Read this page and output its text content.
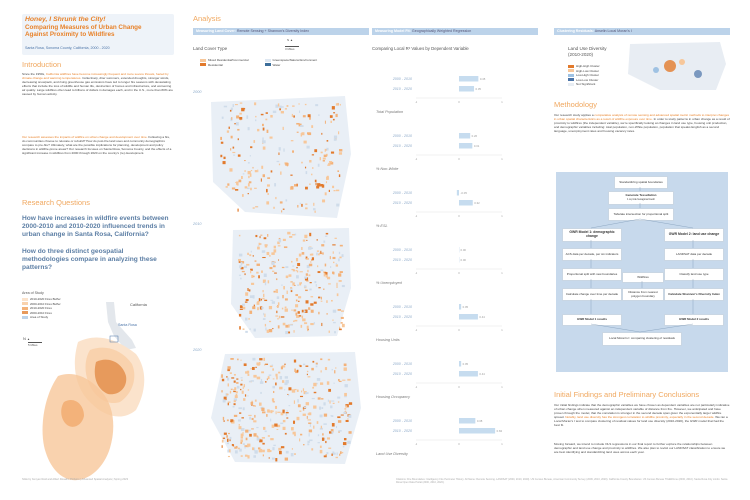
Honey, I Shrunk the City!
Comparing Measures of Urban Change Against Proximity to Wildfires
Santa Rosa, Sonoma County, California, 2000 - 2020
Introduction
Since the 1950s, California wildfires have become increasingly frequent and more severe threats, fueled by climate change and warming temperatures. Collectively, drier summers, extended droughts, stronger winds, decreasing snowpack, and rising greenhouse gas emissions have led to longer fire seasons with devastating effects that include the loss of wildlife and human life, destruction of homes and infrastructure, and worsening air quality. Large wildfires often lead to billions of dollars in damages each, and in the U.S., more than 80% are caused by human activity.
Our research assesses the impacts of wildfire on urban change and development over time. Following a fire, do communities choose to relocate or rebuild? How do post-fire land uses and community demographics compare to pre-fire? Ultimately, what are the possible implications for planning, development and policy decisions in wildfire-prone areas? Our research focuses on Santa Rosa, Sonoma County, and the effects of a significant increase in wildfires from 2000 through 2020 on the county's (re) development.
Research Questions
How have increases in wildfire events between 2000-2010 and 2010-2020 influenced trends in urban change in Santa Rosa, California?
How do three distinct geospatial methodologies compare in analyzing these patterns?
Area of Study
2010-2020 Fires Buffer
2000-2010 Fires Buffer
2010-2020 Fires
2000-2010 Fires
Area of Study
N ▲
5 Miles
California
Santa Rosa
Slide by Kenyan Reid and Albert Rosalim Pinheiro | Advanced Spatial Analysis | Spring 2023
Analysis
Measuring Land Cover: Remote Sensing + Shannon's Diversity Index	Measuring Model Fit: Geographically Weighted Regression	Clustering Residuals: Anselin Local Moran's I
Land Cover Type
N ▲
3 Miles
Mixed Residential/Commercial
Residential
Greenspace/Natural Environment
Water
2000
2010
2020
Comparing Local R² Values by Dependent Variable
2000 - 2010	0.45
2010 - 2020	0.35
-1	0	1
Total Population
2000 - 2010	0.26
2010 - 2020	0.31
-1	0	1
% Non-White
2000 - 2010	-0.05
2010 - 2020	0.32
-1	0	1
% ESL
2000 - 2010	0.00
2010 - 2020	0.00
-1	0	1
% Unemployed
2000 - 2010	0.05
2010 - 2020	0.44
-1	0	1
Housing Units
2000 - 2010	0.05
2010 - 2020	0.44
-1	0	1
Housing Occupancy
2000 - 2010	0.38
2010 - 2020	0.84
-1	0	1
Land Use Diversity
Land Use Diversity (2010-2020)
High-High Cluster
High-Low Cluster
Low-High Cluster
Low-Low Cluster
Not Significant
Methodology
Our research study applies a comparative analysis of remote sensing and advanced spatial metric methods to interpret changes in urban spatial characteristics as a result of wildfire exposure over time. In order to study patterns in urban change as a result of proximity to wildfires (the independent variable), we're specifically looking at changes in land use type, housing unit production, and demographic variables including: total population, non-White population, population that speaks English as a second language, unemployment rates and housing vacancy rates.
Standardizing spatial boundaries
Generate Tessellation
1 sq mile hexagonal mesh
Tabulate intersection for proportional split
GWR Model 1: demographic change	GWR Model 2: land use change
ACS data per decade, per six indicators	LANDSAT data per decade
Proportional split with new boundaries
Wildfires
Classify land use type
Calculate change over time per decade	Distance from nearest polygon boundary	Calculate Shannon's Diversity Index
GWR Model 1 results	GWR Model 2 results
Local Moran's I: comparing clustering of residuals
Initial Findings and Preliminary Conclusions
Our initial findings indicate that the demographic variables we have chosen as dependent variables are not particularly indicative of urban change when measured against an independent variable of distance from fire. However, we anticipated and have proven through the model, that the correlation is stronger in the second decade span given the exponentially larger wildfire spread. Notably, land use diversity has the strongest correlation to wildfire proximity, especially in the second decade. We ran a Local Moran's I test to compare clustering of residual values for land use diversity (2010-2020), the GWR model that had the best fit.
Moving forward, we intend to include OLS regressions in our final report to further explore the relationships between demographic and land use change and proximity to wildfires. We also plan to revisit our LANDSAT classification to ensure we are best identifying and standardizing land uses across each year.
Citations: Fire Boundaries: Intelligency Fire Perimeter History. All Name: Remote Sensing. LANDSAT (2000, 2010, 2020). US Census Bureau, American Community Survey (2006, 2010, 2020). California County Boundaries: US Census Bureau TIGER/Line (2000, 2010). Santa Rosa City Limits: Santa Rosa Open Data Portal (2000, 2010, 2020).
